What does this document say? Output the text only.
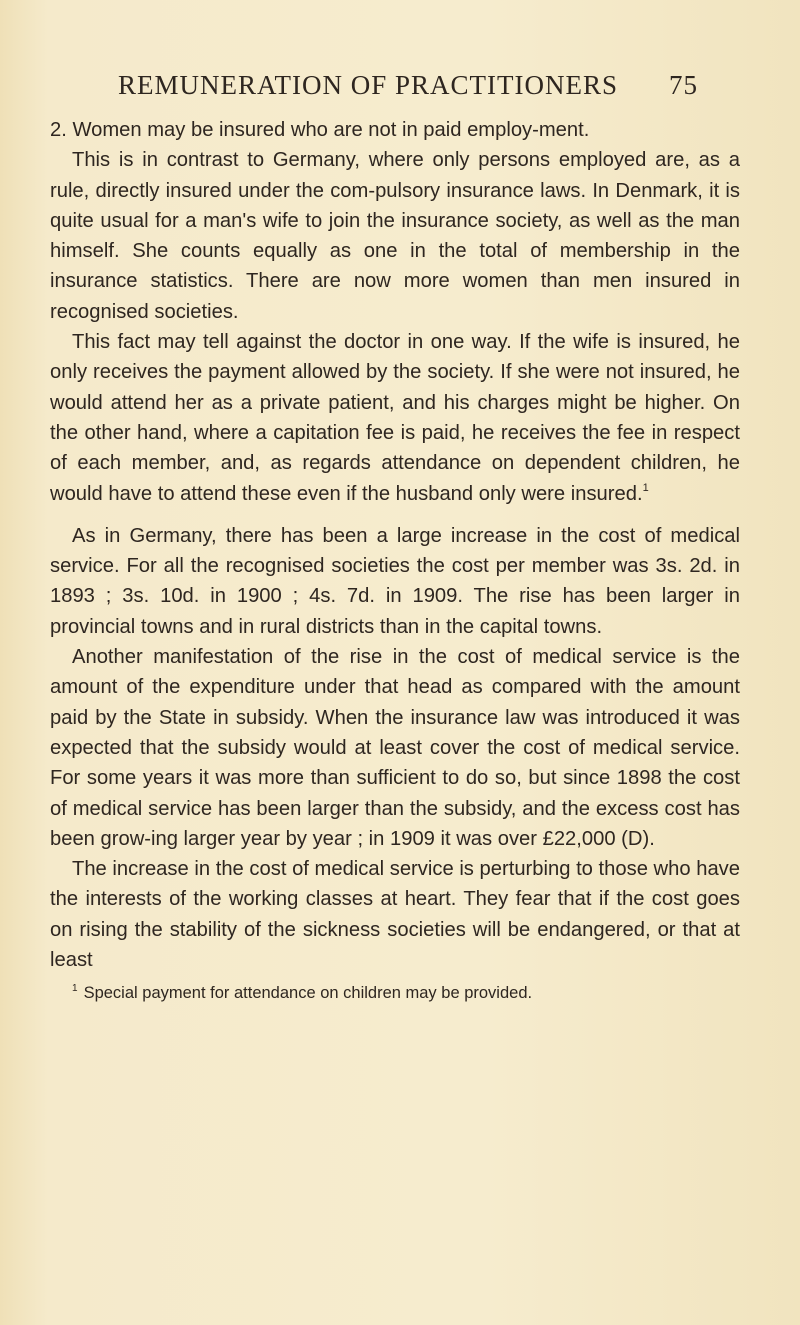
REMUNERATION OF PRACTITIONERS 75

2. Women may be insured who are not in paid employ-ment.

This is in contrast to Germany, where only persons employed are, as a rule, directly insured under the com-pulsory insurance laws. In Denmark, it is quite usual for a man's wife to join the insurance society, as well as the man himself. She counts equally as one in the total of membership in the insurance statistics. There are now more women than men insured in recognised societies.

This fact may tell against the doctor in one way. If the wife is insured, he only receives the payment allowed by the society. If she were not insured, he would attend her as a private patient, and his charges might be higher. On the other hand, where a capitation fee is paid, he receives the fee in respect of each member, and, as regards attendance on dependent children, he would have to attend these even if the husband only were insured.$^1$

As in Germany, there has been a large increase in the cost of medical service. For all the recognised societies the cost per member was 3s. 2d. in 1893 ; 3s. 10d. in 1900 ; 4s. 7d. in 1909. The rise has been larger in provincial towns and in rural districts than in the capital towns.

Another manifestation of the rise in the cost of medical service is the amount of the expenditure under that head as compared with the amount paid by the State in subsidy. When the insurance law was introduced it was expected that the subsidy would at least cover the cost of medical service. For some years it was more than sufficient to do so, but since 1898 the cost of medical service has been larger than the subsidy, and the excess cost has been grow-ing larger year by year ; in 1909 it was over £22,000 (D).

The increase in the cost of medical service is perturbing to those who have the interests of the working classes at heart. They fear that if the cost goes on rising the stability of the sickness societies will be endangered, or that at least

$^1$ Special payment for attendance on children may be provided.
